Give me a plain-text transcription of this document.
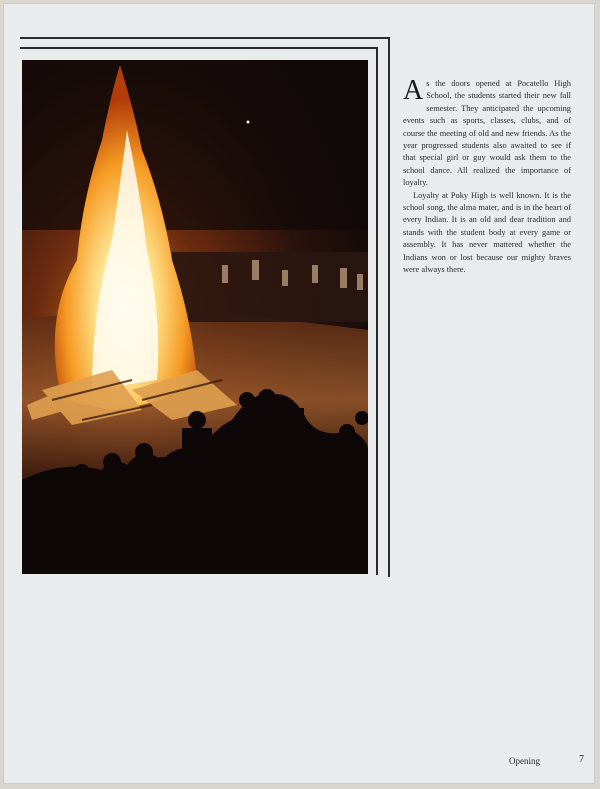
As the doors opened at Pocatello High School, the students started their new fall semester. They anticipated the upcoming events such as sports, classes, clubs, and of course the meeting of old and new friends. As the year progressed students also awaited to see if that special girl or guy would ask them to the school dance. All realized the importance of loyalty.

Loyalty at Poky High is well known. It is the school song, the alma mater, and is in the heart of every Indian. It is an old and dear tradition and stands with the student body at every game or assembly. It has never mattered whether the Indians won or lost because our mighty braves were always there.

Opening	7
